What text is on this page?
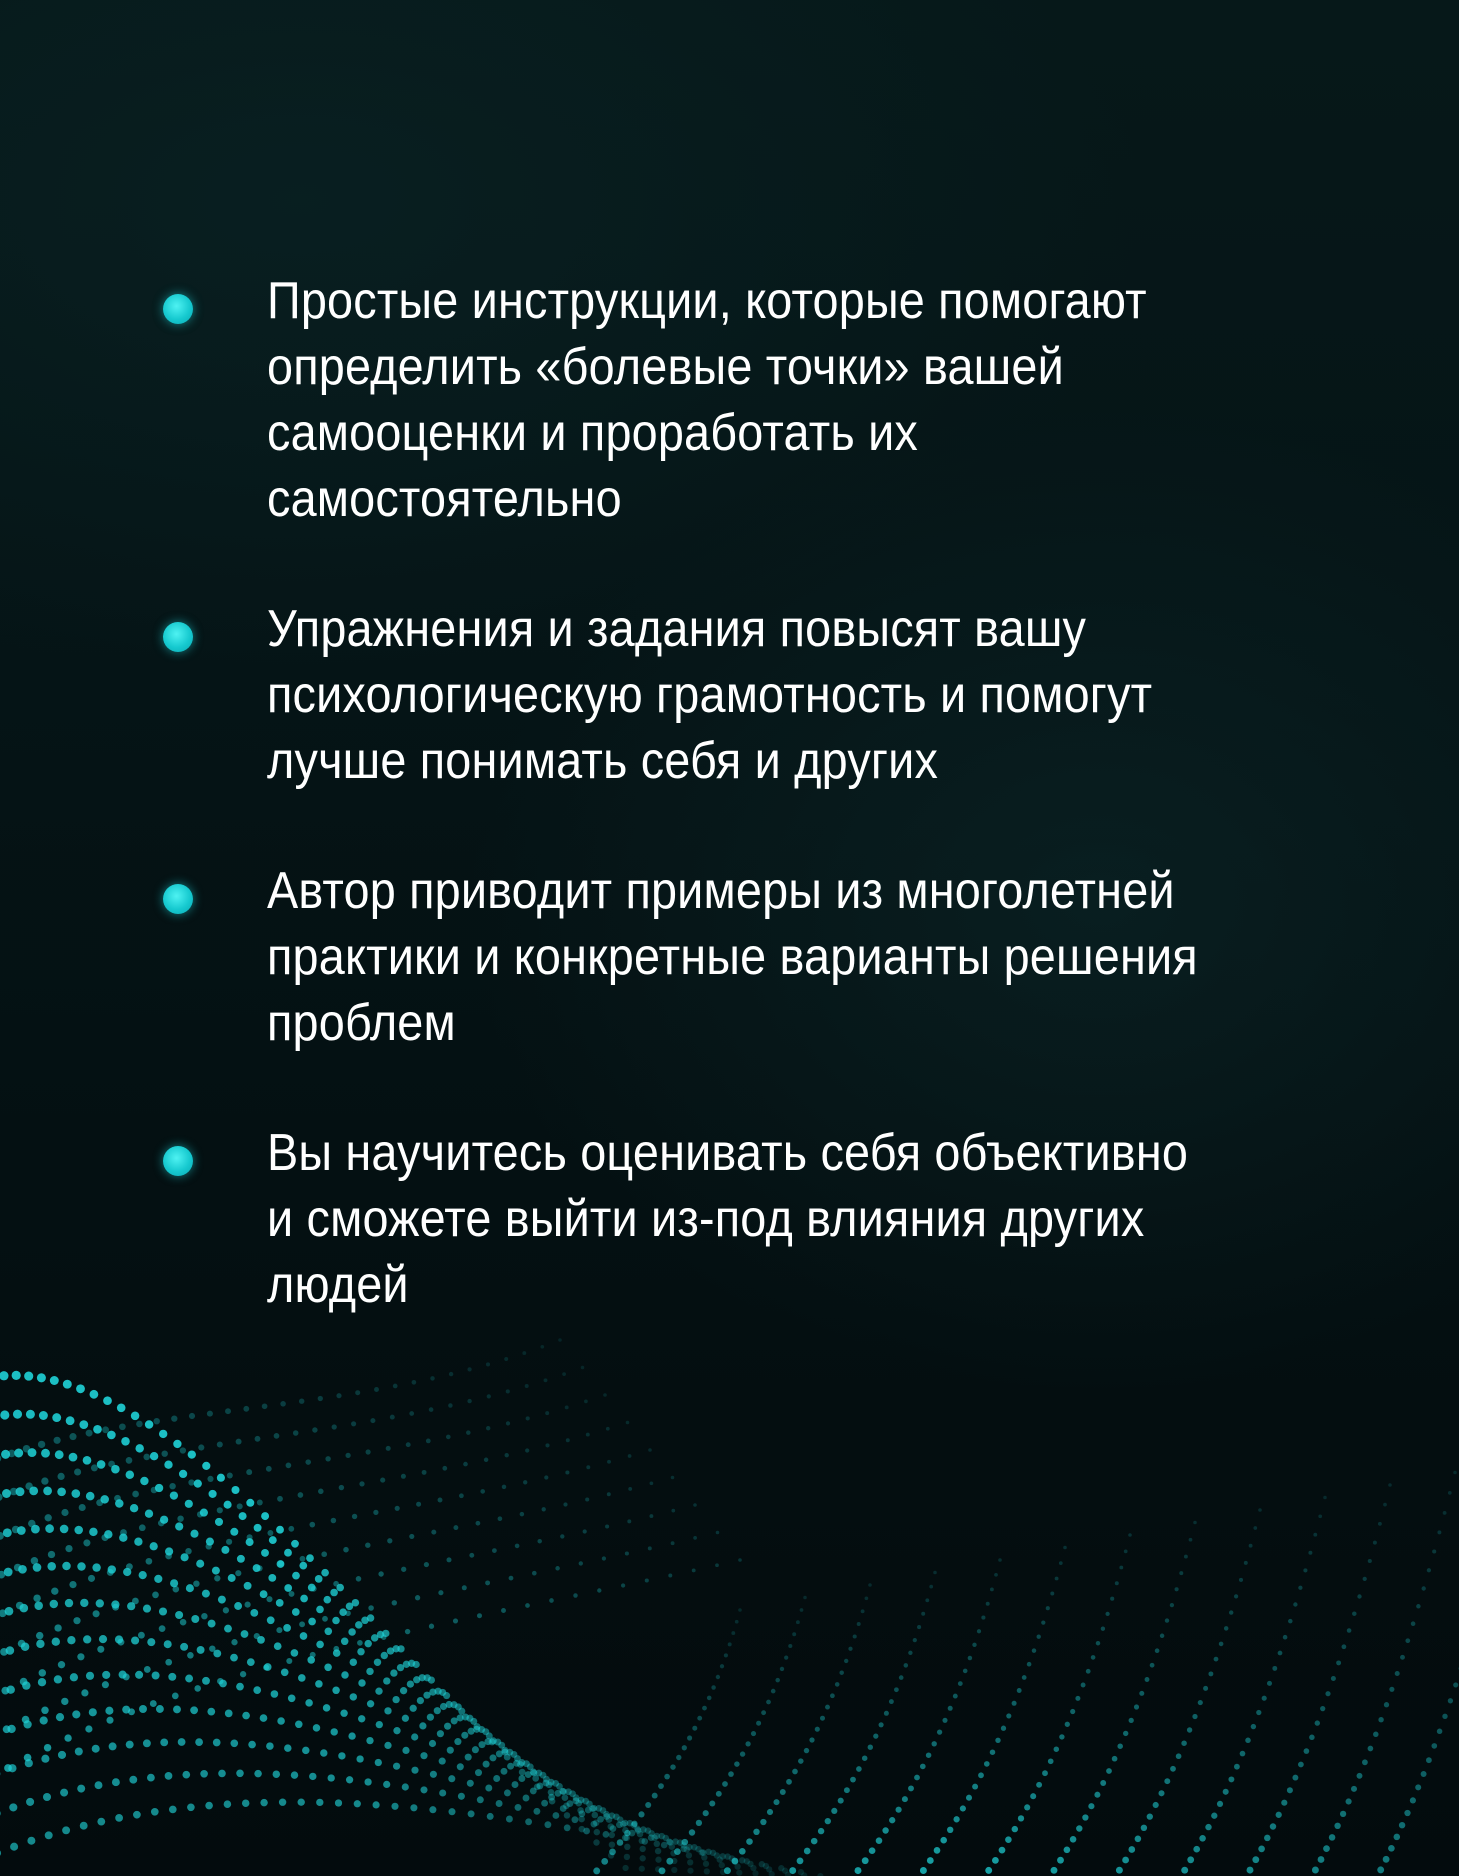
Простые инструкции, которые помогают
определить «болевые точки» вашей
самооценки и проработать их
самостоятельно
Упражнения и задания повысят вашу
психологическую грамотность и помогут
лучше понимать себя и других
Автор приводит примеры из многолетней
практики и конкретные варианты решения
проблем
Вы научитесь оценивать себя объективно
и сможете выйти из-под влияния других
людей
